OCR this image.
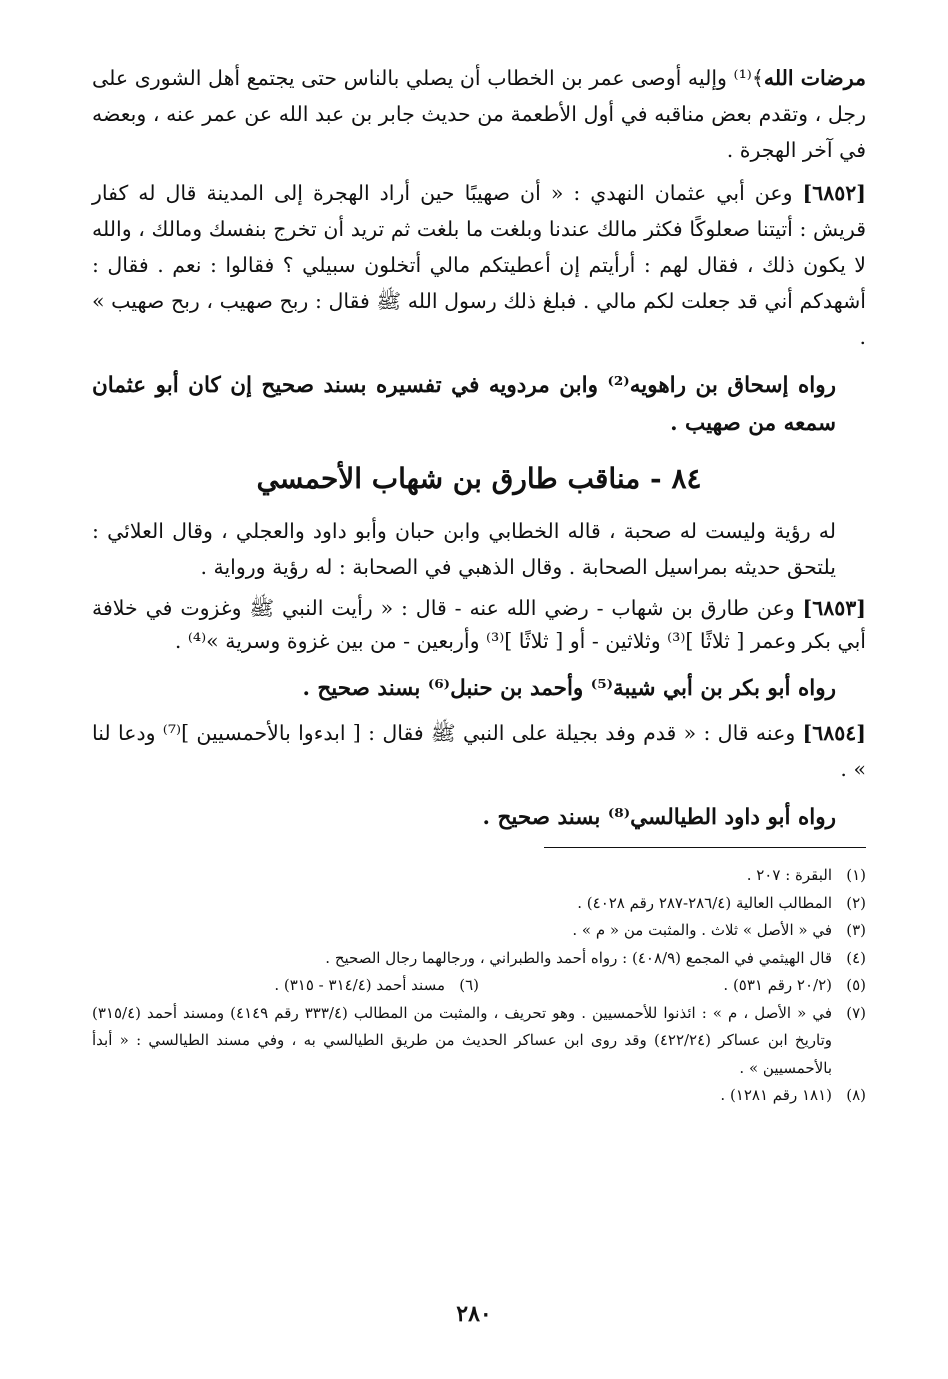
مرضات الله﴾⁽¹⁾ وإليه أوصى عمر بن الخطاب أن يصلي بالناس حتى يجتمع أهل الشورى على رجل ، وتقدم بعض مناقبه في أول الأطعمة من حديث جابر بن عبد الله عن عمر عنه ، وبعضه في آخر الهجرة .

[٦٨٥٢] وعن أبي عثمان النهدي : « أن صهيبًا حين أراد الهجرة إلى المدينة قال له كفار قريش : أتيتنا صعلوكًا فكثر مالك عندنا وبلغت ما بلغت ثم تريد أن تخرج بنفسك ومالك ، والله لا يكون ذلك ، فقال لهم : أرأيتم إن أعطيتكم مالي أتخلون سبيلي ؟ فقالوا : نعم . فقال : أشهدكم أني قد جعلت لكم مالي . فبلغ ذلك رسول الله ﷺ فقال : ربح صهيب ، ربح صهيب » .

رواه إسحاق بن راهويه⁽²⁾ وابن مردويه في تفسيره بسند صحيح إن كان أبو عثمان سمعه من صهيب .

٨٤ - مناقب طارق بن شهاب الأحمسي

له رؤية وليست له صحبة ، قاله الخطابي وابن حبان وأبو داود والعجلي ، وقال العلائي : يلتحق حديثه بمراسيل الصحابة . وقال الذهبي في الصحابة : له رؤية ورواية .

[٦٨٥٣] وعن طارق بن شهاب - رضي الله عنه - قال : « رأيت النبي ﷺ وغزوت في خلافة أبي بكر وعمر [ ثلاثًا ]⁽³⁾ وثلاثين - أو [ ثلاثًا ]⁽³⁾ وأربعين - من بين غزوة وسرية »⁽⁴⁾ .

رواه أبو بكر بن أبي شيبة⁽⁵⁾ وأحمد بن حنبل⁽⁶⁾ بسند صحيح .

[٦٨٥٤] وعنه قال : « قدم وفد بجيلة على النبي ﷺ فقال : [ ابدءوا بالأحمسيين ]⁽⁷⁾ ودعا لنا » .

رواه أبو داود الطيالسي⁽⁸⁾ بسند صحيح .

(١)
البقرة : ٢٠٧ .
(٢)
المطالب العالية (٢٨٦/٤-٢٨٧ رقم ٤٠٢٨) .
(٣)
في « الأصل » ثلاث . والمثبت من « م » .
(٤)
قال الهيثمي في المجمع (٤٠٨/٩) : رواه أحمد والطبراني ، ورجالهما رجال الصحيح .
(٥)
(٢٠/٢ رقم ٥٣١) .
(٦)
مسند أحمد (٣١٤/٤ - ٣١٥) .
(٧)
في « الأصل ، م » : ائذنوا للأحمسيين . وهو تحريف ، والمثبت من المطالب (٣٣٣/٤ رقم ٤١٤٩) ومسند أحمد (٣١٥/٤) وتاريخ ابن عساكر (٤٢٢/٢٤) وقد روى ابن عساكر الحديث من طريق الطيالسي به ، وفي مسند الطيالسي : « أبدأ بالأحمسيين » .
(٨)
(١٨١ رقم ١٢٨١) .
٢٨٠
